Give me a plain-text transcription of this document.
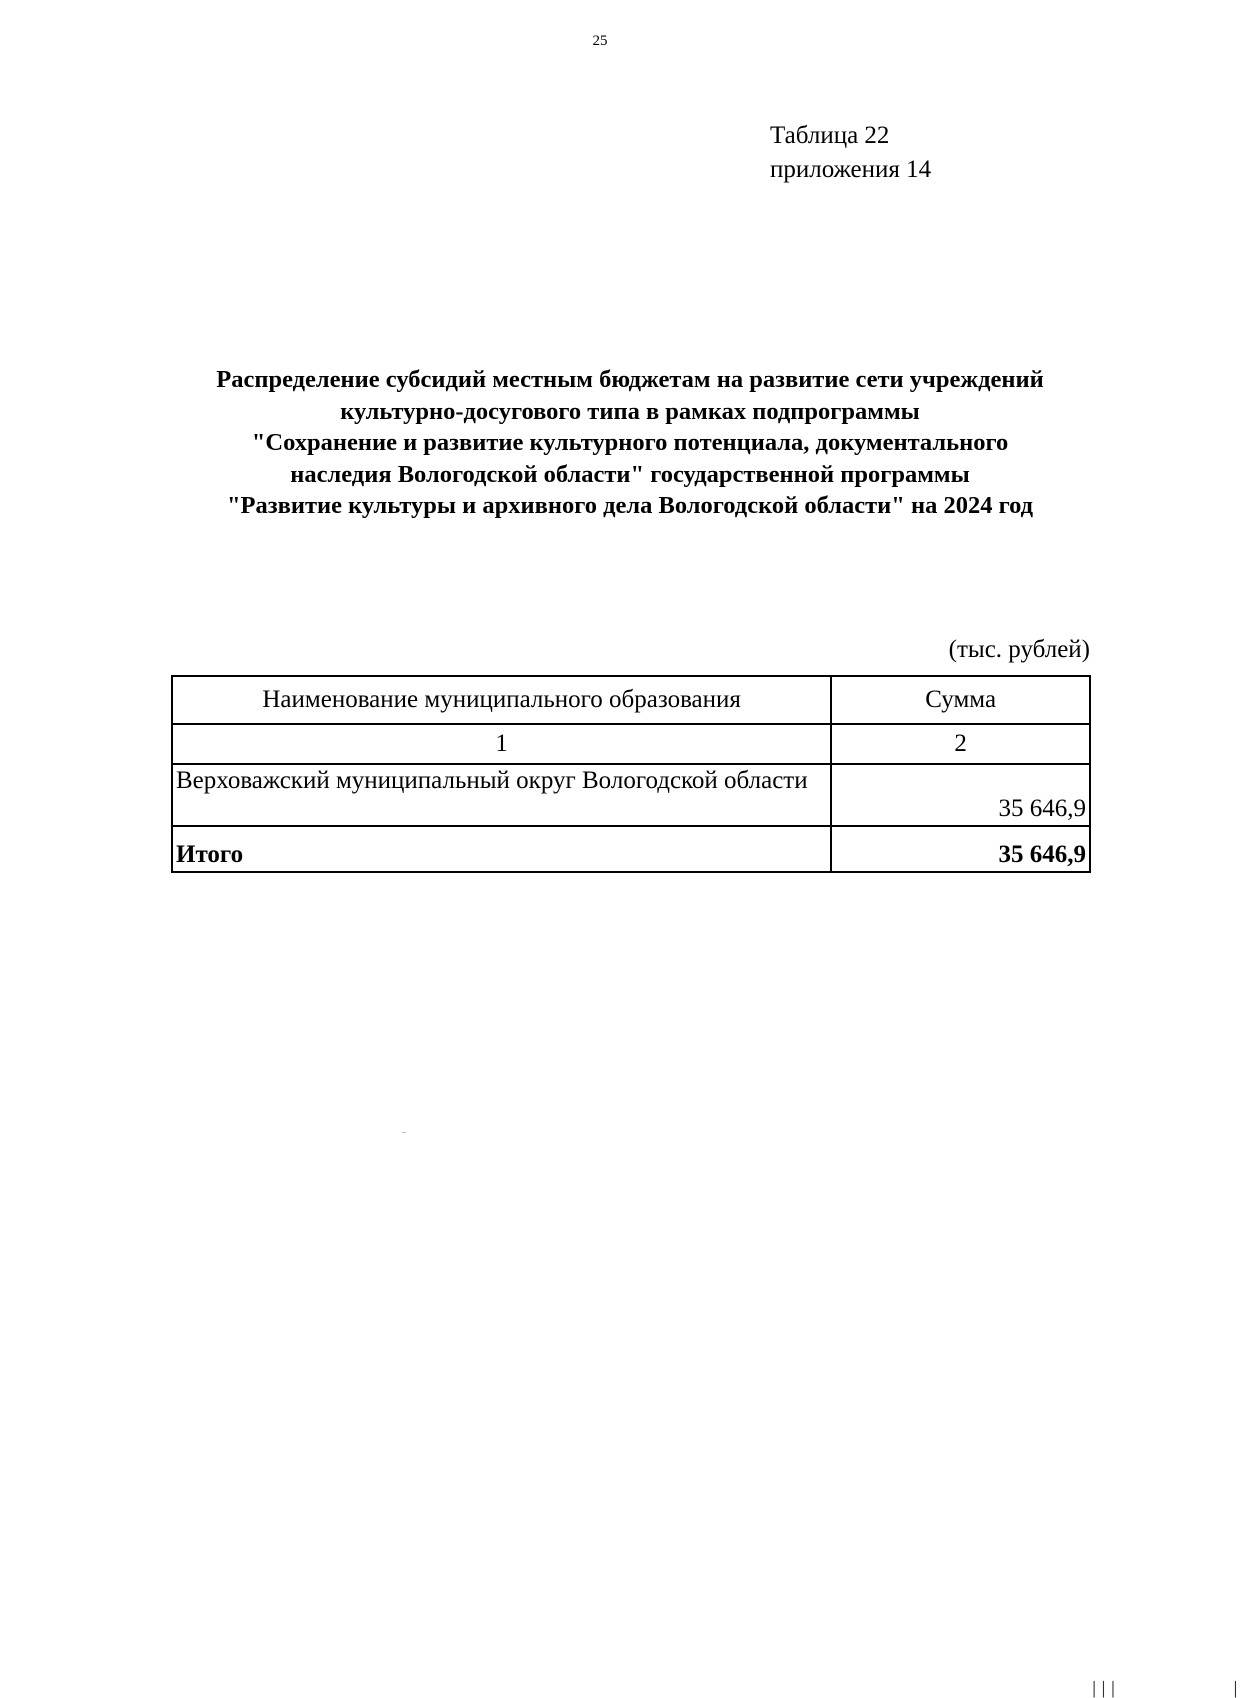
25
Таблица 22
приложения 14
Распределение субсидий местным бюджетам на развитие сети учреждений
культурно-досугового типа в рамках подпрограммы
"Сохранение и развитие культурного потенциала, документального
наследия Вологодской области" государственной программы
"Развитие культуры и архивного дела Вологодской области" на 2024 год
(тыс. рублей)
Наименование муниципального образования	Сумма
1	2
Верховажский муниципальный округ Вологодской области	35 646,9
Итого	35 646,9
│││            │
